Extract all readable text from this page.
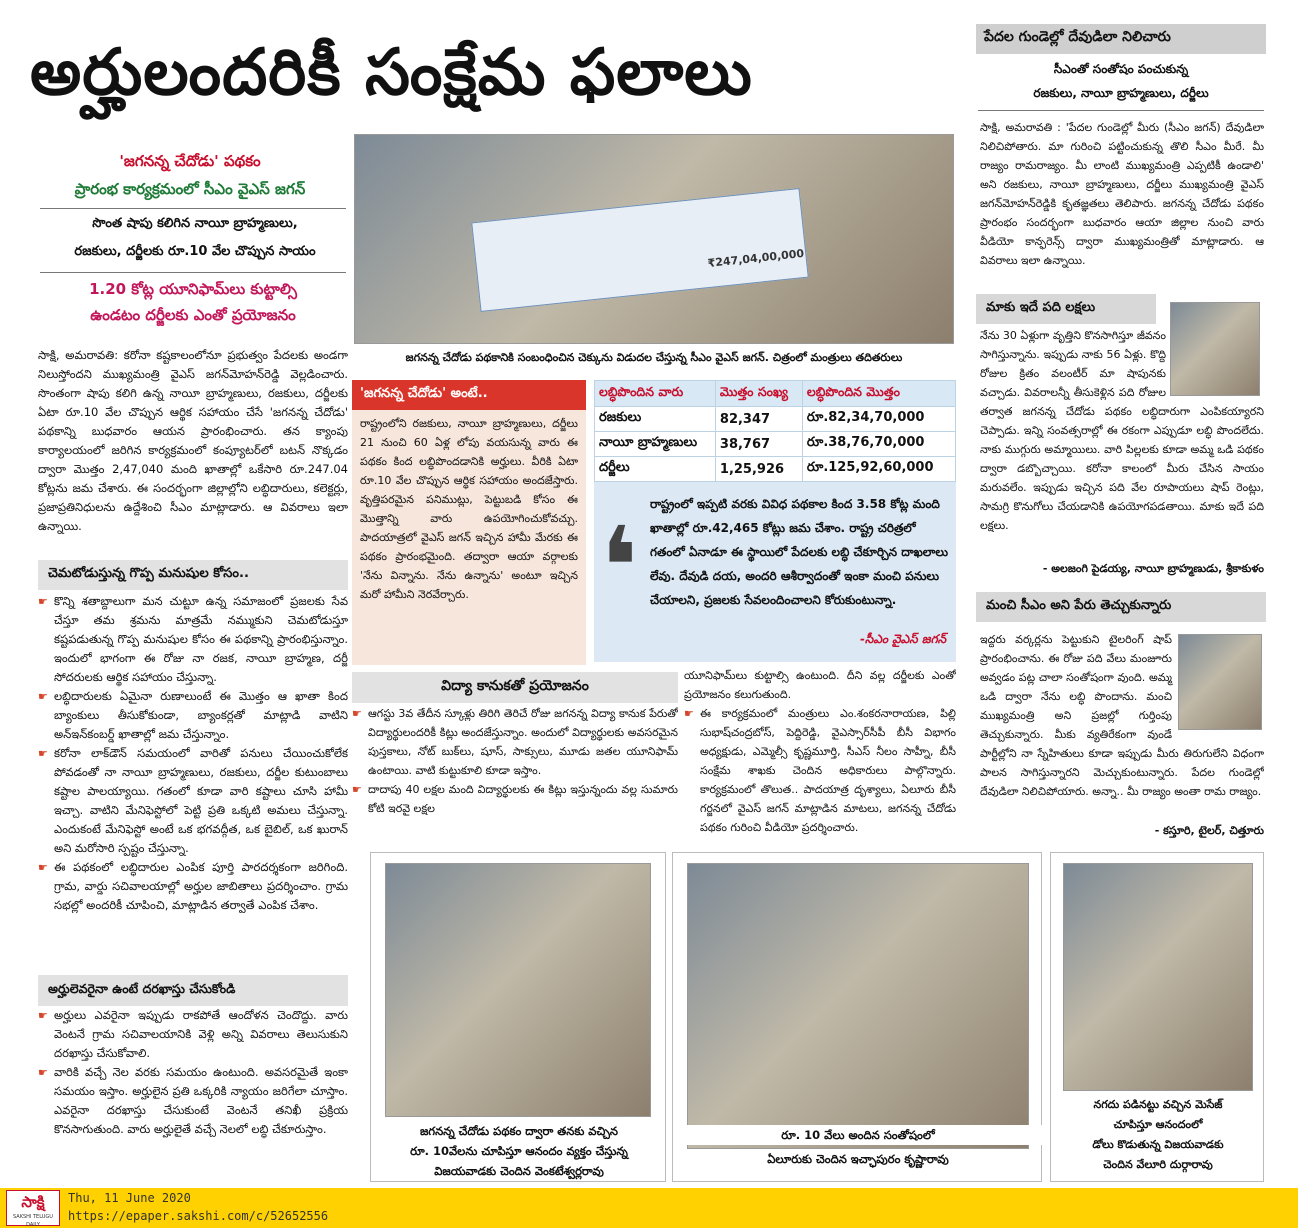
అర్హులందరికీ సంక్షేమ ఫలాలు
'జగనన్న చేదోడు' పథకం
ప్రారంభ కార్యక్రమంలో సీఎం వైఎస్ జగన్
సొంత షాపు కలిగిన నాయీ బ్రాహ్మణులు,
రజకులు, దర్జీలకు రూ.10 వేల చొప్పున సాయం
1.20 కోట్ల యూనిఫామ్‌లు కుట్టాల్సి
ఉండటం దర్జీలకు ఎంతో ప్రయోజనం
సాక్షి, అమరావతి: కరోనా కష్టకాలంలోనూ ప్రభుత్వం పేదలకు అండగా నిలుస్తోందని ముఖ్యమంత్రి వైఎస్ జగన్‌మోహన్‌రెడ్డి వెల్లడించారు. సొంతంగా షాపు కలిగి ఉన్న నాయీ బ్రాహ్మణులు, రజకులు, దర్జీలకు ఏటా రూ.10 వేల చొప్పున ఆర్థిక సహాయం చేసే 'జగనన్న చేదోడు' పథకాన్ని బుధవారం ఆయన ప్రారంభించారు. తన క్యాంపు కార్యాలయంలో జరిగిన కార్యక్రమంలో కంప్యూటర్‌లో బటన్ నొక్కడం ద్వారా మొత్తం 2,47,040 మంది ఖాతాల్లో ఒకేసారి రూ.247.04 కోట్లను జమ చేశారు. ఈ సందర్భంగా జిల్లాల్లోని లబ్ధిదారులు, కలెక్టర్లు, ప్రజాప్రతినిధులను ఉద్దేశించి సీఎం మాట్లాడారు. ఆ వివరాలు ఇలా ఉన్నాయి.
చెమటోడుస్తున్న గొప్ప మనుషుల కోసం..
☛ కొన్ని శతాబ్దాలుగా మన చుట్టూ ఉన్న సమాజంలో ప్రజలకు సేవ చేస్తూ తమ శ్రమను మాత్రమే నమ్ముకుని చెమటోడుస్తూ కష్టపడుతున్న గొప్ప మనుషుల కోసం ఈ పథకాన్ని ప్రారంభిస్తున్నాం. ఇందులో భాగంగా ఈ రోజు నా రజక, నాయీ బ్రాహ్మణ, దర్జీ సోదరులకు ఆర్థిక సహాయం చేస్తున్నా.
☛ లబ్ధిదారులకు ఏమైనా రుణాలుంటే ఈ మొత్తం ఆ ఖాతా కింద బ్యాంకులు తీసుకోకుండా, బ్యాంకర్లతో మాట్లాడి వాటిని అన్‌ఇన్‌కంబర్డ్ ఖాతాల్లో జమ చేస్తున్నాం.
☛ కరోనా లాక్‌డౌన్ సమయంలో వారితో పనులు చేయించుకోలేక పోవడంతో నా నాయీ బ్రాహ్మణులు, రజకులు, దర్జీల కుటుంబాలు కష్టాల పాలయ్యాయి. గతంలో కూడా వారి కష్టాలు చూసి హామీ ఇచ్చా. వాటిని మేనిఫెస్టోలో పెట్టి ప్రతి ఒక్కటి అమలు చేస్తున్నా. ఎందుకంటే మేనిఫెస్టో అంటే ఒక భగవద్గీత, ఒక బైబిల్, ఒక ఖురాన్ అని మరోసారి స్పష్టం చేస్తున్నా.
☛ ఈ పథకంలో లబ్ధిదారుల ఎంపిక పూర్తి పారదర్శకంగా జరిగింది. గ్రామ, వార్డు సచివాలయాల్లో అర్హుల జాబితాలు ప్రదర్శించాం. గ్రామ సభల్లో అందరికీ చూపించి, మాట్లాడిన తర్వాతే ఎంపిక చేశాం.
అర్హులెవరైనా ఉంటే దరఖాస్తు చేసుకోండి
☛ అర్హులు ఎవరైనా ఇప్పుడు రాకపోతే ఆందోళన చెందొద్దు. వారు వెంటనే గ్రామ సచివాలయానికి వెళ్లి అన్ని వివరాలు తెలుసుకుని దరఖాస్తు చేసుకోవాలి.
☛ వారికి వచ్చే నెల వరకు సమయం ఉంటుంది. అవసరమైతే ఇంకా సమయం ఇస్తాం. అర్హులైన ప్రతి ఒక్కరికి న్యాయం జరిగేలా చూస్తాం. ఎవరైనా దరఖాస్తు చేసుకుంటే వెంటనే తనిఖీ ప్రక్రియ కొనసాగుతుంది. వారు అర్హులైతే వచ్చే నెలలో లబ్ధి చేకూరుస్తాం.
₹247,04,00,000
జగనన్న చేదోడు పథకానికి సంబంధించిన చెక్కును విడుదల చేస్తున్న సీఎం వైఎస్ జగన్. చిత్రంలో మంత్రులు తదితరులు
'జగనన్న చేదోడు' అంటే..
రాష్ట్రంలోని రజకులు, నాయీ బ్రాహ్మణులు, దర్జీలు 21 నుంచి 60 ఏళ్ల లోపు వయసున్న వారు ఈ పథకం కింద లబ్ధిపొందడానికి అర్హులు. వీరికి ఏటా రూ.10 వేల చొప్పున ఆర్థిక సహాయం అందజేస్తారు. వృత్తిపరమైన పనిముట్లు, పెట్టుబడి కోసం ఈ మొత్తాన్ని వారు ఉపయోగించుకోవచ్చు. పాదయాత్రలో వైఎస్ జగన్ ఇచ్చిన హామీ మేరకు ఈ పథకం ప్రారంభమైంది. తద్వారా ఆయా వర్గాలకు 'నేను విన్నాను. నేను ఉన్నాను' అంటూ ఇచ్చిన మరో హామీని నెరవేర్చారు.
లబ్ధిపొందిన వారు	మొత్తం సంఖ్య	లబ్ధిపొందిన మొత్తం
రజకులు	82,347	రూ.82,34,70,000
నాయీ బ్రాహ్మణులు	38,767	రూ.38,76,70,000
దర్జీలు	1,25,926	రూ.125,92,60,000
❛ రాష్ట్రంలో ఇప్పటి వరకు వివిధ పథకాల కింద 3.58 కోట్ల మంది ఖాతాల్లో రూ.42,465 కోట్లు జమ చేశాం. రాష్ట్ర చరిత్రలో గతంలో ఏనాడూ ఈ స్థాయిలో పేదలకు లబ్ధి చేకూర్చిన దాఖలాలు లేవు. దేవుడి దయ, అందరి ఆశీర్వాదంతో ఇంకా మంచి పనులు చేయాలని, ప్రజలకు సేవలందించాలని కోరుకుంటున్నా.
-సీఎం వైఎస్ జగన్
విద్యా కానుకతో ప్రయోజనం
☛ ఆగస్టు 3వ తేదీన స్కూళ్లు తిరిగి తెరిచే రోజు జగనన్న విద్యా కానుక పేరుతో విద్యార్థులందరికీ కిట్లు అందజేస్తున్నాం. అందులో విద్యార్థులకు అవసరమైన పుస్తకాలు, నోట్ బుక్‌లు, షూస్, సాక్సులు, మూడు జతల యూనిఫామ్ ఉంటాయి. వాటి కుట్టుకూలి కూడా ఇస్తాం.
☛ దాదాపు 40 లక్షల మంది విద్యార్థులకు ఈ కిట్లు ఇస్తున్నందు వల్ల సుమారు కోటి ఇరవై లక్షల
యూనిఫామ్‌లు కుట్టాల్సి ఉంటుంది. దీని వల్ల దర్జీలకు ఎంతో ప్రయోజనం కలుగుతుంది.
☛ ఈ కార్యక్రమంలో మంత్రులు ఎం.శంకరనారాయణ, పిల్లి సుభాష్‌చంద్రబోస్, పెద్దిరెడ్డి, వైఎస్సార్‌సీపీ బీసీ విభాగం అధ్యక్షుడు, ఎమ్మెల్సీ కృష్ణమూర్తి, సీఎస్ నీలం సాహ్నీ, బీసీ సంక్షేమ శాఖకు చెందిన అధికారులు పాల్గొన్నారు. కార్యక్రమంలో తొలుత.. పాదయాత్ర దృశ్యాలు, ఏలూరు బీసీ గర్జనలో వైఎస్ జగన్ మాట్లాడిన మాటలు, జగనన్న చేదోడు పథకం గురించి వీడియో ప్రదర్శించారు.
పేదల గుండెల్లో దేవుడిలా నిలిచారు
సీఎంతో సంతోషం పంచుకున్న
రజకులు, నాయీ బ్రాహ్మణులు, దర్జీలు
సాక్షి, అమరావతి : 'పేదల గుండెల్లో మీరు (సీఎం జగన్) దేవుడిలా నిలిచిపోతారు. మా గురించి పట్టించుకున్న తొలి సీఎం మీరే. మీ రాజ్యం రామరాజ్యం. మీ లాంటి ముఖ్యమంత్రి ఎప్పటికీ ఉండాలి' అని రజకులు, నాయీ బ్రాహ్మణులు, దర్జీలు ముఖ్యమంత్రి వైఎస్ జగన్‌మోహన్‌రెడ్డికి కృతజ్ఞతలు తెలిపారు. జగనన్న చేదోడు పథకం ప్రారంభం సందర్భంగా బుధవారం ఆయా జిల్లాల నుంచి వారు వీడియో కాన్ఫరెన్స్ ద్వారా ముఖ్యమంత్రితో మాట్లాడారు. ఆ వివరాలు ఇలా ఉన్నాయి.
మాకు ఇదే పది లక్షలు
నేను 30 ఏళ్లుగా వృత్తిని కొనసాగిస్తూ జీవనం సాగిస్తున్నాను. ఇప్పుడు నాకు 56 ఏళ్లు. కొద్ది రోజుల క్రితం వలంటీర్ మా షాపునకు వచ్చాడు. వివరాలన్నీ తీసుకెళ్లిన పది రోజుల తర్వాత జగనన్న చేదోడు పథకం లబ్ధిదారుగా ఎంపికయ్యారని చెప్పాడు. ఇన్ని సంవత్సరాల్లో ఈ రకంగా ఎప్పుడూ లబ్ధి పొందలేదు. నాకు ముగ్గురు అమ్మాయిలు. వారి పిల్లలకు కూడా అమ్మ ఒడి పథకం ద్వారా డబ్బొచ్చాయి. కరోనా కాలంలో మీరు చేసిన సాయం మరువలేం. ఇప్పుడు ఇచ్చిన పది వేల రూపాయలు షాప్ రెంట్లు, సామగ్రి కొనుగోలు చేయడానికి ఉపయోగపడతాయి. మాకు ఇదే పది లక్షలు.
- అలజంగి పైడయ్య, నాయీ బ్రాహ్మణుడు, శ్రీకాకుళం
మంచి సీఎం అని పేరు తెచ్చుకున్నారు
ఇద్దరు వర్కర్లను పెట్టుకుని టైలరింగ్ షాప్ ప్రారంభించాను. ఈ రోజు పది వేలు మంజూరు అవ్వడం పట్ల చాలా సంతోషంగా వుంది. అమ్మ ఒడి ద్వారా నేను లబ్ధి పొందాను. మంచి ముఖ్యమంత్రి అని ప్రజల్లో గుర్తింపు తెచ్చుకున్నారు. మీకు వ్యతిరేకంగా వుండే పార్టీల్లోని నా స్నేహితులు కూడా ఇప్పుడు మీరు తిరుగులేని విధంగా పాలన సాగిస్తున్నారని మెచ్చుకుంటున్నారు. పేదల గుండెల్లో దేవుడిలా నిలిచిపోయారు. అన్నా.. మీ రాజ్యం అంతా రామ రాజ్యం.
- కస్తూరి, టైలర్, చిత్తూరు
జగనన్న చేదోడు పథకం ద్వారా తనకు వచ్చిన
రూ. 10వేలను చూపిస్తూ ఆనందం వ్యక్తం చేస్తున్న
విజయవాడకు చెందిన వెంకటేశ్వర్లరావు
రూ. 10 వేలు అందిన సంతోషంలో
ఏలూరుకు చెందిన ఇచ్ఛాపురం కృష్ణారావు
నగదు పడినట్టు వచ్చిన మెసేజ్
చూపిస్తూ ఆనందంలో
డోలు కొడుతున్న విజయవాడకు
చెందిన వేలూరి దుర్గారావు
సాక్షి
SAKSHI TELUGU DAILY
Thu, 11 June 2020
https://epaper.sakshi.com/c/52652556
